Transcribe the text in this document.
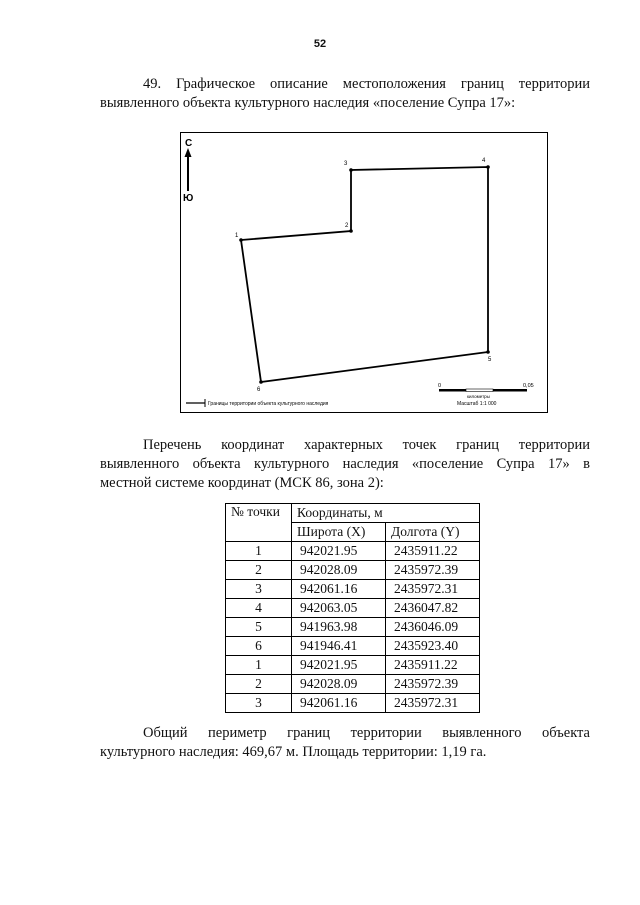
52
49. Графическое описание местоположения границ территории
выявленного объекта культурного наследия «поселение Супра 17»:
С
Ю
1
2
3	4
5
6
Границы территории объекта культурного наследия
0	0,05
километры
Масштаб 1:1 000
Перечень координат характерных точек границ территории
выявленного объекта культурного наследия «поселение Супра 17» в
местной системе координат (МСК 86, зона 2):
№ точки	Координаты, м	
	Широта (X)	Долгота (Y)
1	942021.95	2435911.22
2	942028.09	2435972.39
3	942061.16	2435972.31
4	942063.05	2436047.82
5	941963.98	2436046.09
6	941946.41	2435923.40
1	942021.95	2435911.22
2	942028.09	2435972.39
3	942061.16	2435972.31
Общий периметр границ территории выявленного объекта
культурного наследия: 469,67 м. Площадь территории: 1,19 га.
